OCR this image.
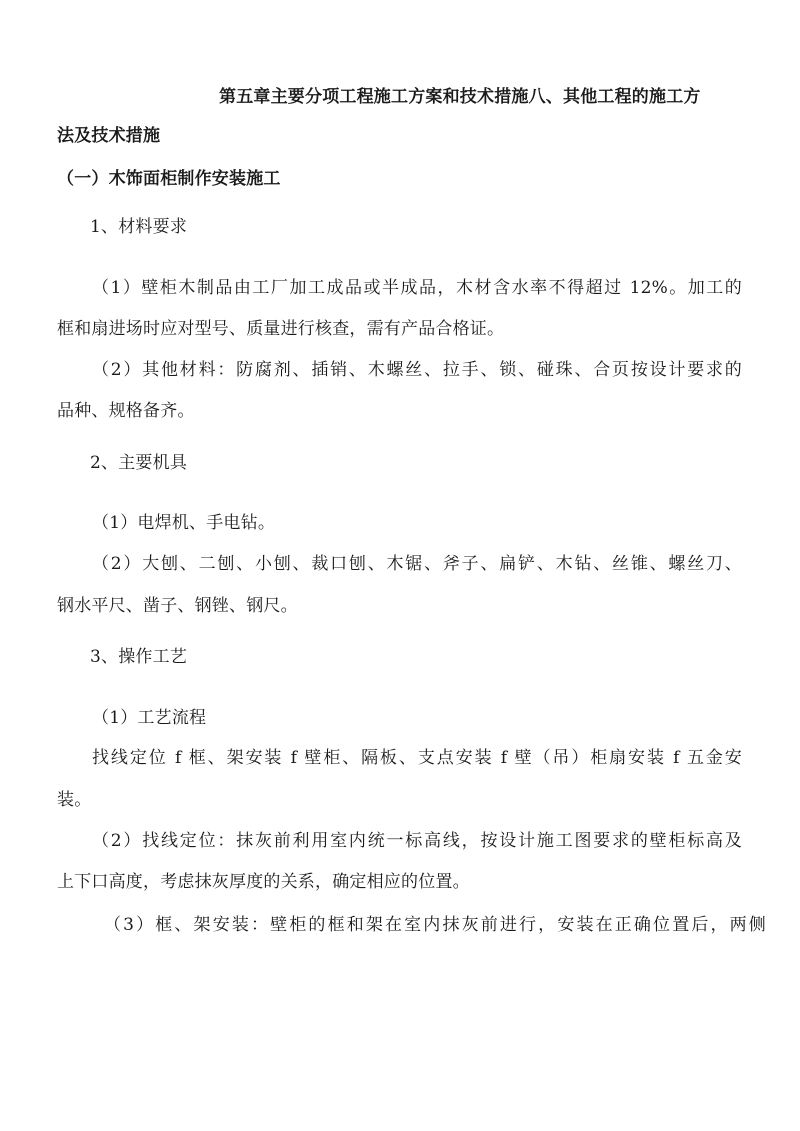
第五章主要分项工程施工方案和技术措施八、其他工程的施工方
法及技术措施
（一）木饰面柜制作安装施工
1、材料要求
（1）壁柜木制品由工厂加工成品或半成品，木材含水率不得超过 12%。加工的
框和扇进场时应对型号、质量进行核查，需有产品合格证。
（2）其他材料：防腐剂、插销、木螺丝、拉手、锁、碰珠、合页按设计要求的
品种、规格备齐。
2、主要机具
（1）电焊机、手电钻。
（2）大刨、二刨、小刨、裁口刨、木锯、斧子、扁铲、木钻、丝锥、螺丝刀、
钢水平尺、凿子、钢锉、钢尺。
3、操作工艺
（1）工艺流程
找线定位 f 框、架安装 f 壁柜、隔板、支点安装 f 壁（吊）柜扇安装 f 五金安
装。
（2）找线定位：抹灰前利用室内统一标高线，按设计施工图要求的壁柜标高及
上下口高度，考虑抹灰厚度的关系，确定相应的位置。
（3）框、架安装：壁柜的框和架在室内抹灰前进行，安装在正确位置后，两侧
